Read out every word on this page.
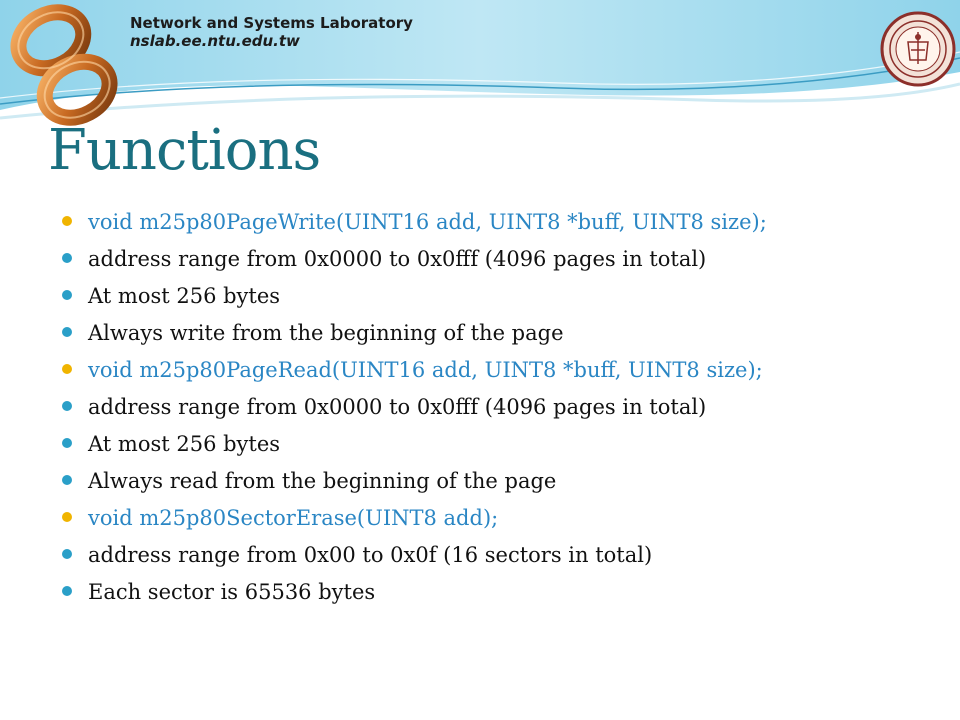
Network and Systems Laboratory
nslab.ee.ntu.edu.tw
Functions
void m25p80PageWrite(UINT16 add, UINT8 *buff, UINT8 size);
address range from 0x0000 to 0x0fff (4096 pages in total)
At most 256 bytes
Always write from the beginning of the page
void m25p80PageRead(UINT16 add, UINT8 *buff, UINT8 size);
address range from 0x0000 to 0x0fff (4096 pages in total)
At most 256 bytes
Always read from the beginning of the page
void m25p80SectorErase(UINT8 add);
address range from 0x00 to 0x0f (16 sectors in total)
Each sector is 65536 bytes
